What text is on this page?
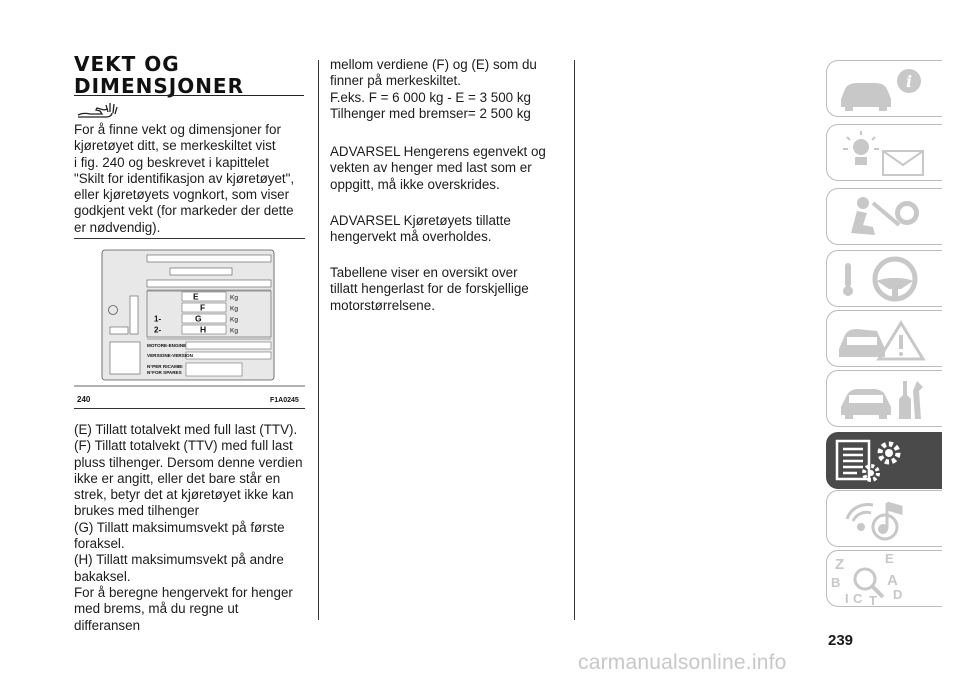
VEKT OG
DIMENSJONER
For å finne vekt og dimensjoner for
kjøretøyet ditt, se merkeskiltet vist
i fig. 240 og beskrevet i kapittelet
"Skilt for identifikasjon av kjøretøyet",
eller kjøretøyets vognkort, som viser
godkjent vekt (for markeder der dette
er nødvendig).
E	Kg
F	Kg
1-	G	Kg
2-	H	Kg
MOTORE-ENGINE
VERSIONE-VERSION
N°PER RICAMBI
N°FOR SPARES
240	F1A0245
(E) Tillatt totalvekt med full last (TTV).
(F) Tillatt totalvekt (TTV) med full last
pluss tilhenger. Dersom denne verdien
ikke er angitt, eller det bare står en
strek, betyr det at kjøretøyet ikke kan
brukes med tilhenger
(G) Tillatt maksimumsvekt på første
foraksel.
(H) Tillatt maksimumsvekt på andre
bakaksel.
For å beregne hengervekt for henger
med brems, må du regne ut differansen
mellom verdiene (F) og (E) som du
finner på merkeskiltet.
F.eks. F = 6 000 kg - E = 3 500 kg
Tilhenger med bremser= 2 500 kg
ADVARSEL Hengerens egenvekt og
vekten av henger med last som er
oppgitt, må ikke overskrides.
ADVARSEL Kjøretøyets tillatte
hengervekt må overholdes.
Tabellene viser en oversikt over
tillatt hengerlast for de forskjellige
motorstørrelsene.
i
Z	E
B	A
I C T D
239
carmanualsonline.info
